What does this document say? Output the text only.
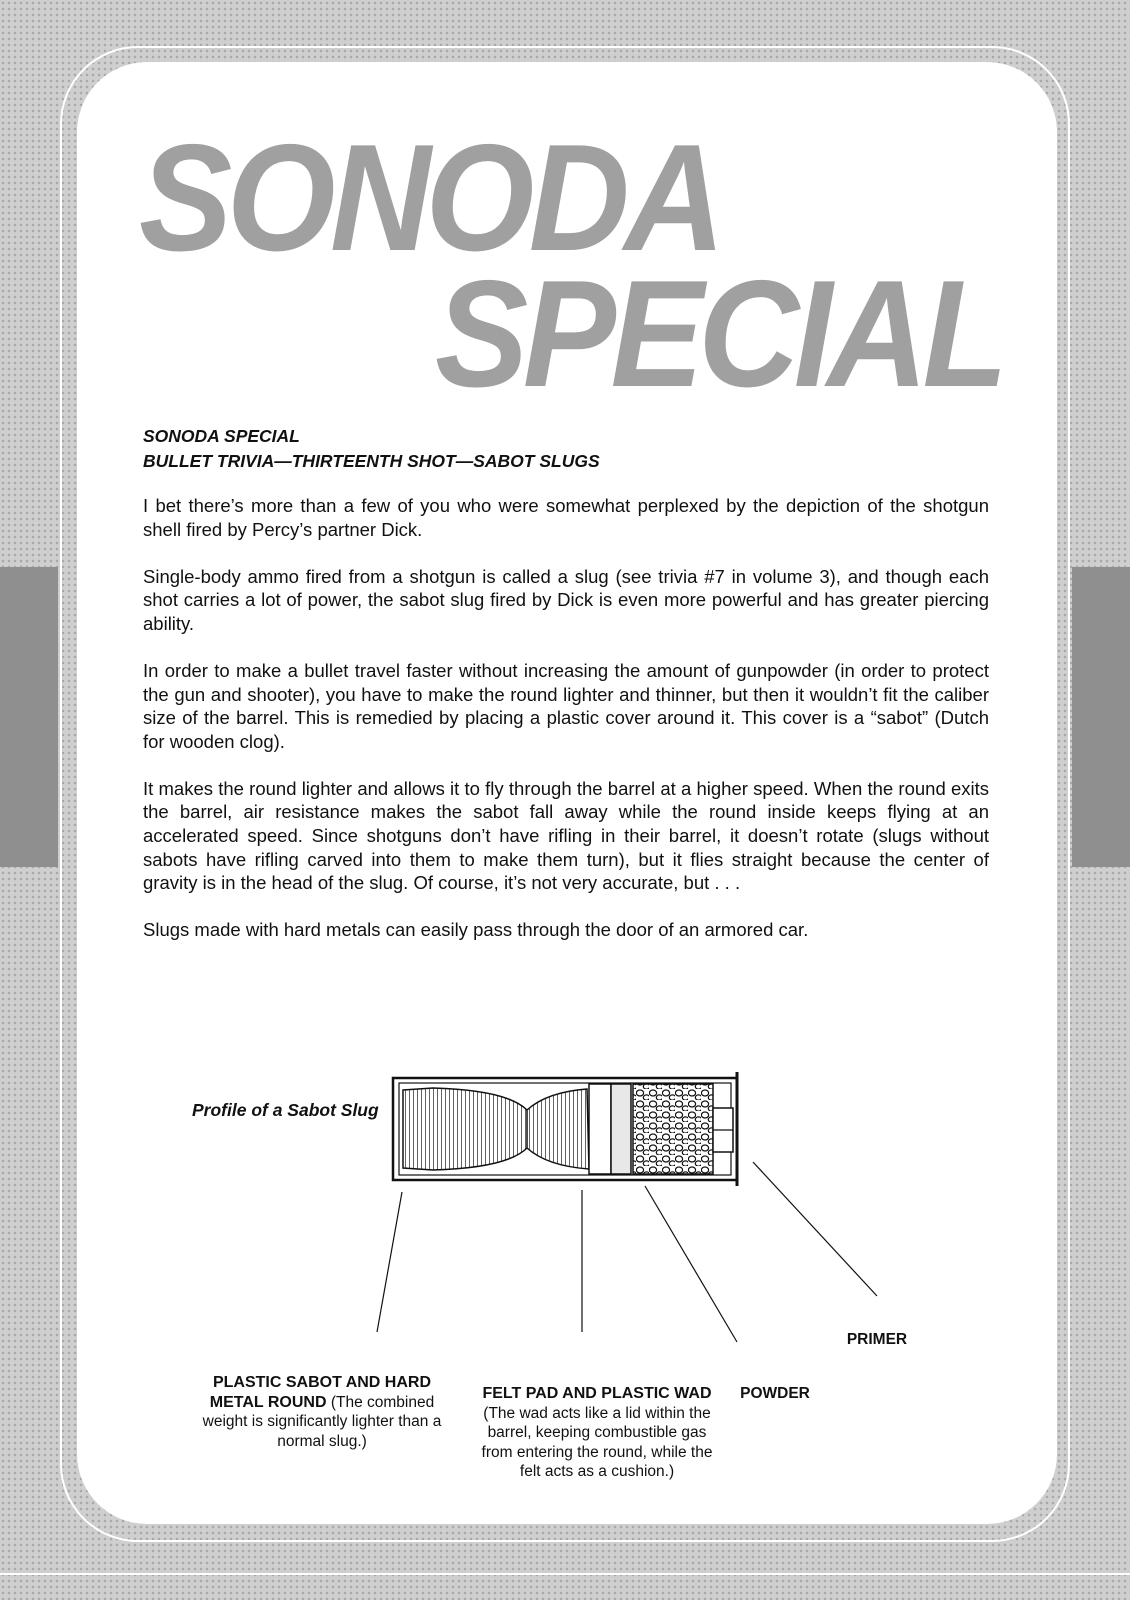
SONODA
SPECIAL
SONODA SPECIAL
BULLET TRIVIA—THIRTEENTH SHOT—SABOT SLUGS

I bet there’s more than a few of you who were somewhat perplexed by the depiction of the shotgun shell fired by Percy’s partner Dick.

Single-body ammo fired from a shotgun is called a slug (see trivia #7 in volume 3), and though each shot carries a lot of power, the sabot slug fired by Dick is even more powerful and has greater piercing ability.

In order to make a bullet travel faster without increasing the amount of gunpowder (in order to protect the gun and shooter), you have to make the round lighter and thinner, but then it wouldn’t fit the caliber size of the barrel. This is remedied by placing a plastic cover around it. This cover is a “sabot” (Dutch for wooden clog).

It makes the round lighter and allows it to fly through the barrel at a higher speed. When the round exits the barrel, air resistance makes the sabot fall away while the round inside keeps flying at an accelerated speed. Since shotguns don’t have rifling in their barrel, it doesn’t rotate (slugs without sabots have rifling carved into them to make them turn), but it flies straight because the center of gravity is in the head of the slug. Of course, it’s not very accurate, but . . .

Slugs made with hard metals can easily pass through the door of an armored car.

Profile of a Sabot Slug
PLASTIC SABOT AND HARD METAL ROUND (The combined weight is significantly lighter than a normal slug.)
FELT PAD AND PLASTIC WAD (The wad acts like a lid within the barrel, keeping combustible gas from entering the round, while the felt acts as a cushion.)
POWDER
PRIMER
